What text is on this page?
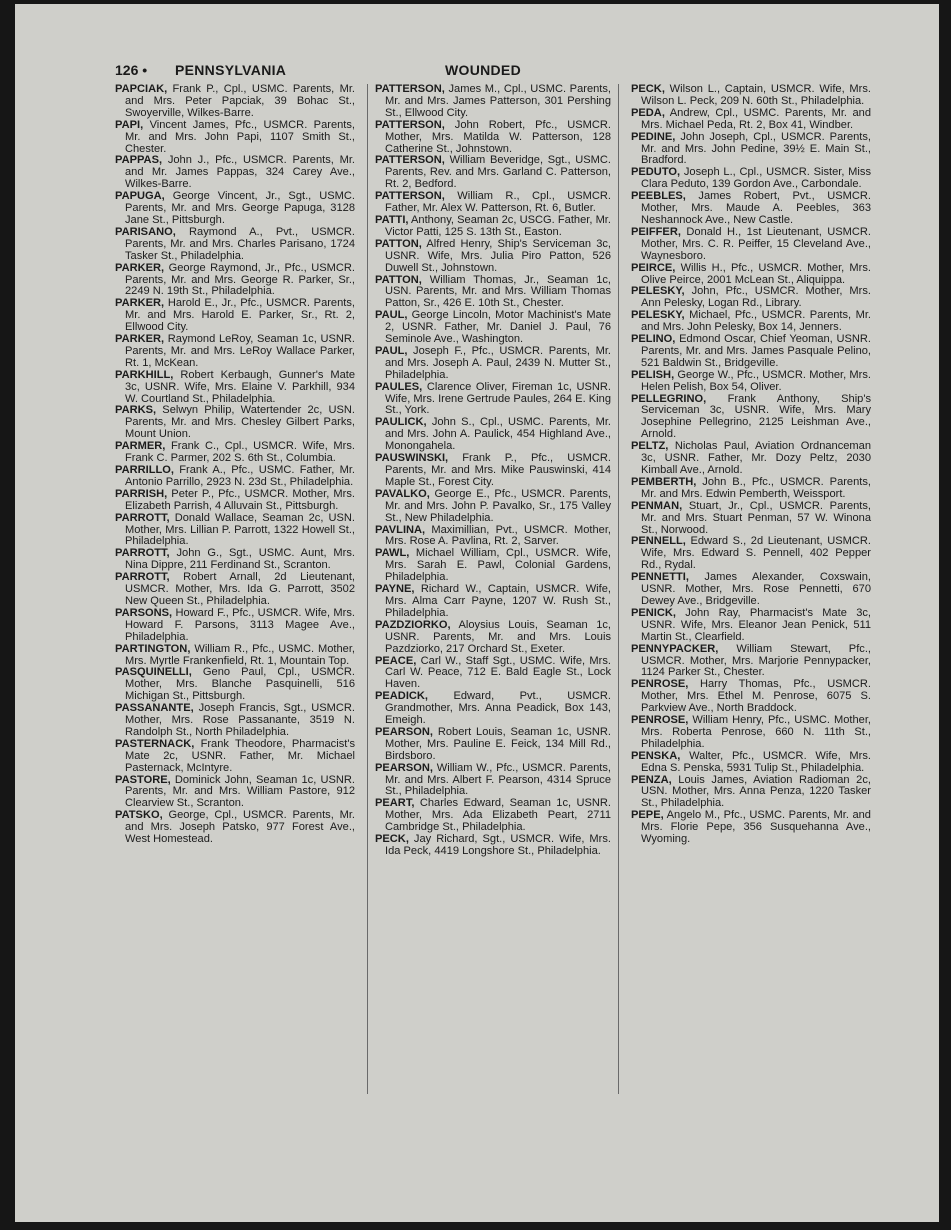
126 • PENNSYLVANIA	WOUNDED

PAPCIAK, Frank P., Cpl., USMC. Parents, Mr. and Mrs. Peter Papciak, 39 Bohac St., Swoyerville, Wilkes-Barre.

PAPI, Vincent James, Pfc., USMCR. Parents, Mr. and Mrs. John Papi, 1107 Smith St., Chester.

PAPPAS, John J., Pfc., USMCR. Parents, Mr. and Mr. James Pappas, 324 Carey Ave., Wilkes-Barre.

PAPUGA, George Vincent, Jr., Sgt., USMC. Parents, Mr. and Mrs. George Papuga, 3128 Jane St., Pittsburgh.

PARISANO, Raymond A., Pvt., USMCR. Parents, Mr. and Mrs. Charles Parisano, 1724 Tasker St., Philadelphia.

PARKER, George Raymond, Jr., Pfc., USMCR. Parents, Mr. and Mrs. George R. Parker, Sr., 2249 N. 19th St., Philadelphia.

PARKER, Harold E., Jr., Pfc., USMCR. Parents, Mr. and Mrs. Harold E. Parker, Sr., Rt. 2, Ellwood City.

PARKER, Raymond LeRoy, Seaman 1c, USNR. Parents, Mr. and Mrs. LeRoy Wallace Parker, Rt. 1, McKean.

PARKHILL, Robert Kerbaugh, Gunner's Mate 3c, USNR. Wife, Mrs. Elaine V. Parkhill, 934 W. Courtland St., Philadelphia.

PARKS, Selwyn Philip, Watertender 2c, USN. Parents, Mr. and Mrs. Chesley Gilbert Parks, Mount Union.

PARMER, Frank C., Cpl., USMCR. Wife, Mrs. Frank C. Parmer, 202 S. 6th St., Columbia.

PARRILLO, Frank A., Pfc., USMC. Father, Mr. Antonio Parrillo, 2923 N. 23d St., Philadelphia.

PARRISH, Peter P., Pfc., USMCR. Mother, Mrs. Elizabeth Parrish, 4 Alluvain St., Pittsburgh.

PARROTT, Donald Wallace, Seaman 2c, USN. Mother, Mrs. Lillian P. Parrott, 1322 Howell St., Philadelphia.

PARROTT, John G., Sgt., USMC. Aunt, Mrs. Nina Dippre, 211 Ferdinand St., Scranton.

PARROTT, Robert Arnall, 2d Lieutenant, USMCR. Mother, Mrs. Ida G. Parrott, 3502 New Queen St., Philadelphia.

PARSONS, Howard F., Pfc., USMCR. Wife, Mrs. Howard F. Parsons, 3113 Magee Ave., Philadelphia.

PARTINGTON, William R., Pfc., USMC. Mother, Mrs. Myrtle Frankenfield, Rt. 1, Mountain Top.

PASQUINELLI, Geno Paul, Cpl., USMCR. Mother, Mrs. Blanche Pasquinelli, 516 Michigan St., Pittsburgh.

PASSANANTE, Joseph Francis, Sgt., USMCR. Mother, Mrs. Rose Passanante, 3519 N. Randolph St., North Philadelphia.

PASTERNACK, Frank Theodore, Pharmacist's Mate 2c, USNR. Father, Mr. Michael Pasternack, McIntyre.

PASTORE, Dominick John, Seaman 1c, USNR. Parents, Mr. and Mrs. William Pastore, 912 Clearview St., Scranton.

PATSKO, George, Cpl., USMCR. Parents, Mr. and Mrs. Joseph Patsko, 977 Forest Ave., West Homestead.

PATTERSON, James M., Cpl., USMC. Parents, Mr. and Mrs. James Patterson, 301 Pershing St., Ellwood City.

PATTERSON, John Robert, Pfc., USMCR. Mother, Mrs. Matilda W. Patterson, 128 Catherine St., Johnstown.

PATTERSON, William Beveridge, Sgt., USMC. Parents, Rev. and Mrs. Garland C. Patterson, Rt. 2, Bedford.

PATTERSON, William R., Cpl., USMCR. Father, Mr. Alex W. Patterson, Rt. 6, Butler.

PATTI, Anthony, Seaman 2c, USCG. Father, Mr. Victor Patti, 125 S. 13th St., Easton.

PATTON, Alfred Henry, Ship's Serviceman 3c, USNR. Wife, Mrs. Julia Piro Patton, 526 Duwell St., Johnstown.

PATTON, William Thomas, Jr., Seaman 1c, USN. Parents, Mr. and Mrs. William Thomas Patton, Sr., 426 E. 10th St., Chester.

PAUL, George Lincoln, Motor Machinist's Mate 2, USNR. Father, Mr. Daniel J. Paul, 76 Seminole Ave., Washington.

PAUL, Joseph F., Pfc., USMCR. Parents, Mr. and Mrs. Joseph A. Paul, 2439 N. Mutter St., Philadelphia.

PAULES, Clarence Oliver, Fireman 1c, USNR. Wife, Mrs. Irene Gertrude Paules, 264 E. King St., York.

PAULICK, John S., Cpl., USMC. Parents, Mr. and Mrs. John A. Paulick, 454 Highland Ave., Monongahela.

PAUSWINSKI, Frank P., Pfc., USMCR. Parents, Mr. and Mrs. Mike Pauswinski, 414 Maple St., Forest City.

PAVALKO, George E., Pfc., USMCR. Parents, Mr. and Mrs. John P. Pavalko, Sr., 175 Valley St., New Philadelphia.

PAVLINA, Maximillian, Pvt., USMCR. Mother, Mrs. Rose A. Pavlina, Rt. 2, Sarver.

PAWL, Michael William, Cpl., USMCR. Wife, Mrs. Sarah E. Pawl, Colonial Gardens, Philadelphia.

PAYNE, Richard W., Captain, USMCR. Wife, Mrs. Alma Carr Payne, 1207 W. Rush St., Philadelphia.

PAZDZIORKO, Aloysius Louis, Seaman 1c, USNR. Parents, Mr. and Mrs. Louis Pazdziorko, 217 Orchard St., Exeter.

PEACE, Carl W., Staff Sgt., USMC. Wife, Mrs. Carl W. Peace, 712 E. Bald Eagle St., Lock Haven.

PEADICK, Edward, Pvt., USMCR. Grandmother, Mrs. Anna Peadick, Box 143, Emeigh.

PEARSON, Robert Louis, Seaman 1c, USNR. Mother, Mrs. Pauline E. Feick, 134 Mill Rd., Birdsboro.

PEARSON, William W., Pfc., USMCR. Parents, Mr. and Mrs. Albert F. Pearson, 4314 Spruce St., Philadelphia.

PEART, Charles Edward, Seaman 1c, USNR. Mother, Mrs. Ada Elizabeth Peart, 2711 Cambridge St., Philadelphia.

PECK, Jay Richard, Sgt., USMCR. Wife, Mrs. Ida Peck, 4419 Longshore St., Philadelphia.

PECK, Wilson L., Captain, USMCR. Wife, Mrs. Wilson L. Peck, 209 N. 60th St., Philadelphia.

PEDA, Andrew, Cpl., USMC. Parents, Mr. and Mrs. Michael Peda, Rt. 2, Box 41, Windber.

PEDINE, John Joseph, Cpl., USMCR. Parents, Mr. and Mrs. John Pedine, 39½ E. Main St., Bradford.

PEDUTO, Joseph L., Cpl., USMCR. Sister, Miss Clara Peduto, 139 Gordon Ave., Carbondale.

PEEBLES, James Robert, Pvt., USMCR. Mother, Mrs. Maude A. Peebles, 363 Neshannock Ave., New Castle.

PEIFFER, Donald H., 1st Lieutenant, USMCR. Mother, Mrs. C. R. Peiffer, 15 Cleveland Ave., Waynesboro.

PEIRCE, Willis H., Pfc., USMCR. Mother, Mrs. Olive Peirce, 2001 McLean St., Aliquippa.

PELESKY, John, Pfc., USMCR. Mother, Mrs. Ann Pelesky, Logan Rd., Library.

PELESKY, Michael, Pfc., USMCR. Parents, Mr. and Mrs. John Pelesky, Box 14, Jenners.

PELINO, Edmond Oscar, Chief Yeoman, USNR. Parents, Mr. and Mrs. James Pasquale Pelino, 521 Baldwin St., Bridgeville.

PELISH, George W., Pfc., USMCR. Mother, Mrs. Helen Pelish, Box 54, Oliver.

PELLEGRINO, Frank Anthony, Ship's Serviceman 3c, USNR. Wife, Mrs. Mary Josephine Pellegrino, 2125 Leishman Ave., Arnold.

PELTZ, Nicholas Paul, Aviation Ordnanceman 3c, USNR. Father, Mr. Dozy Peltz, 2030 Kimball Ave., Arnold.

PEMBERTH, John B., Pfc., USMCR. Parents, Mr. and Mrs. Edwin Pemberth, Weissport.

PENMAN, Stuart, Jr., Cpl., USMCR. Parents, Mr. and Mrs. Stuart Penman, 57 W. Winona St., Norwood.

PENNELL, Edward S., 2d Lieutenant, USMCR. Wife, Mrs. Edward S. Pennell, 402 Pepper Rd., Rydal.

PENNETTI, James Alexander, Coxswain, USNR. Mother, Mrs. Rose Pennetti, 670 Dewey Ave., Bridgeville.

PENICK, John Ray, Pharmacist's Mate 3c, USNR. Wife, Mrs. Eleanor Jean Penick, 511 Martin St., Clearfield.

PENNYPACKER, William Stewart, Pfc., USMCR. Mother, Mrs. Marjorie Pennypacker, 1124 Parker St., Chester.

PENROSE, Harry Thomas, Pfc., USMCR. Mother, Mrs. Ethel M. Penrose, 6075 S. Parkview Ave., North Braddock.

PENROSE, William Henry, Pfc., USMC. Mother, Mrs. Roberta Penrose, 660 N. 11th St., Philadelphia.

PENSKA, Walter, Pfc., USMCR. Wife, Mrs. Edna S. Penska, 5931 Tulip St., Philadelphia.

PENZA, Louis James, Aviation Radioman 2c, USN. Mother, Mrs. Anna Penza, 1220 Tasker St., Philadelphia.

PEPE, Angelo M., Pfc., USMC. Parents, Mr. and Mrs. Florie Pepe, 356 Susquehanna Ave., Wyoming.
